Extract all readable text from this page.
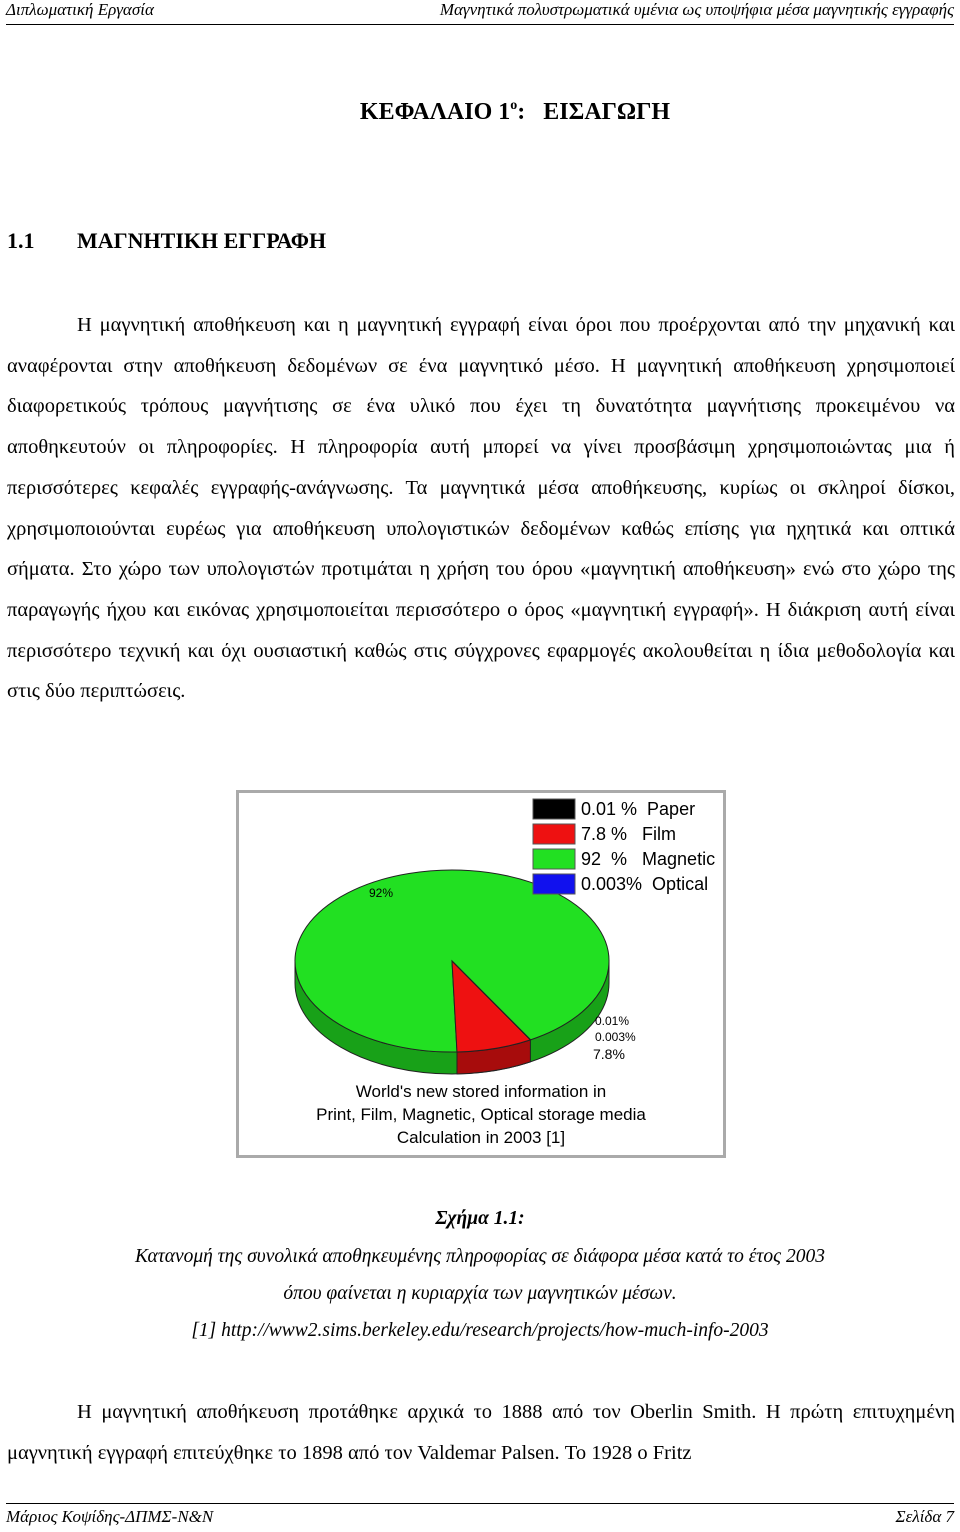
Διπλωματική Εργασία	Μαγνητικά πολυστρωματικά υμένια ως υποψήφια μέσα μαγνητικής εγγραφής
ΚΕΦΑΛΑΙΟ $1^o$:   ΕΙΣΑΓΩΓΗ
1.1 ΜΑΓΝΗΤΙΚΗ ΕΓΓΡΑΦΗ

Η μαγνητική αποθήκευση και η μαγνητική εγγραφή είναι όροι που προέρχονται από την μηχανική και αναφέρονται στην αποθήκευση δεδομένων σε ένα μαγνητικό μέσο. Η μαγνητική αποθήκευση χρησιμοποιεί διαφορετικούς τρόπους μαγνήτισης σε ένα υλικό που έχει τη δυνατότητα μαγνήτισης προκειμένου να αποθηκευτούν οι πληροφορίες. Η πληροφορία αυτή μπορεί να γίνει προσβάσιμη χρησιμοποιώντας μια ή περισσότερες κεφαλές εγγραφής-ανάγνωσης. Τα μαγνητικά μέσα αποθήκευσης, κυρίως οι σκληροί δίσκοι, χρησιμοποιούνται ευρέως για αποθήκευση υπολογιστικών δεδομένων καθώς επίσης για ηχητικά και οπτικά σήματα. Στο χώρο των υπολογιστών προτιμάται η χρήση του όρου «μαγνητική αποθήκευση» ενώ στο χώρο της παραγωγής ήχου και εικόνας χρησιμοποιείται περισσότερο ο όρος «μαγνητική εγγραφή». Η διάκριση αυτή είναι περισσότερο τεχνική και όχι ουσιαστική καθώς στις σύγχρονες εφαρμογές ακολουθείται η ίδια μεθοδολογία και στις δύο περιπτώσεις.

0.01 %  Paper
7.8 %   Film
92  %   Magnetic
0.003%  Optical
92%
0.01%
0.003%
7.8%
World's new stored information in
Print, Film, Magnetic, Optical storage media
Calculation in 2003 [1]
Σχήμα 1.1:
Κατανομή της συνολικά αποθηκευμένης πληροφορίας σε διάφορα μέσα κατά το έτος 2003
όπου φαίνεται η κυριαρχία των μαγνητικών μέσων.
[1] http://www2.sims.berkeley.edu/research/projects/how-much-info-2003

Η μαγνητική αποθήκευση προτάθηκε αρχικά το 1888 από τον Oberlin Smith. Η πρώτη επιτυχημένη μαγνητική εγγραφή επιτεύχθηκε το 1898 από τον Valdemar Palsen. Το 1928 ο Fritz

Μάριος Κοψίδης-ΔΠΜΣ-Ν&Ν	Σελίδα 7
